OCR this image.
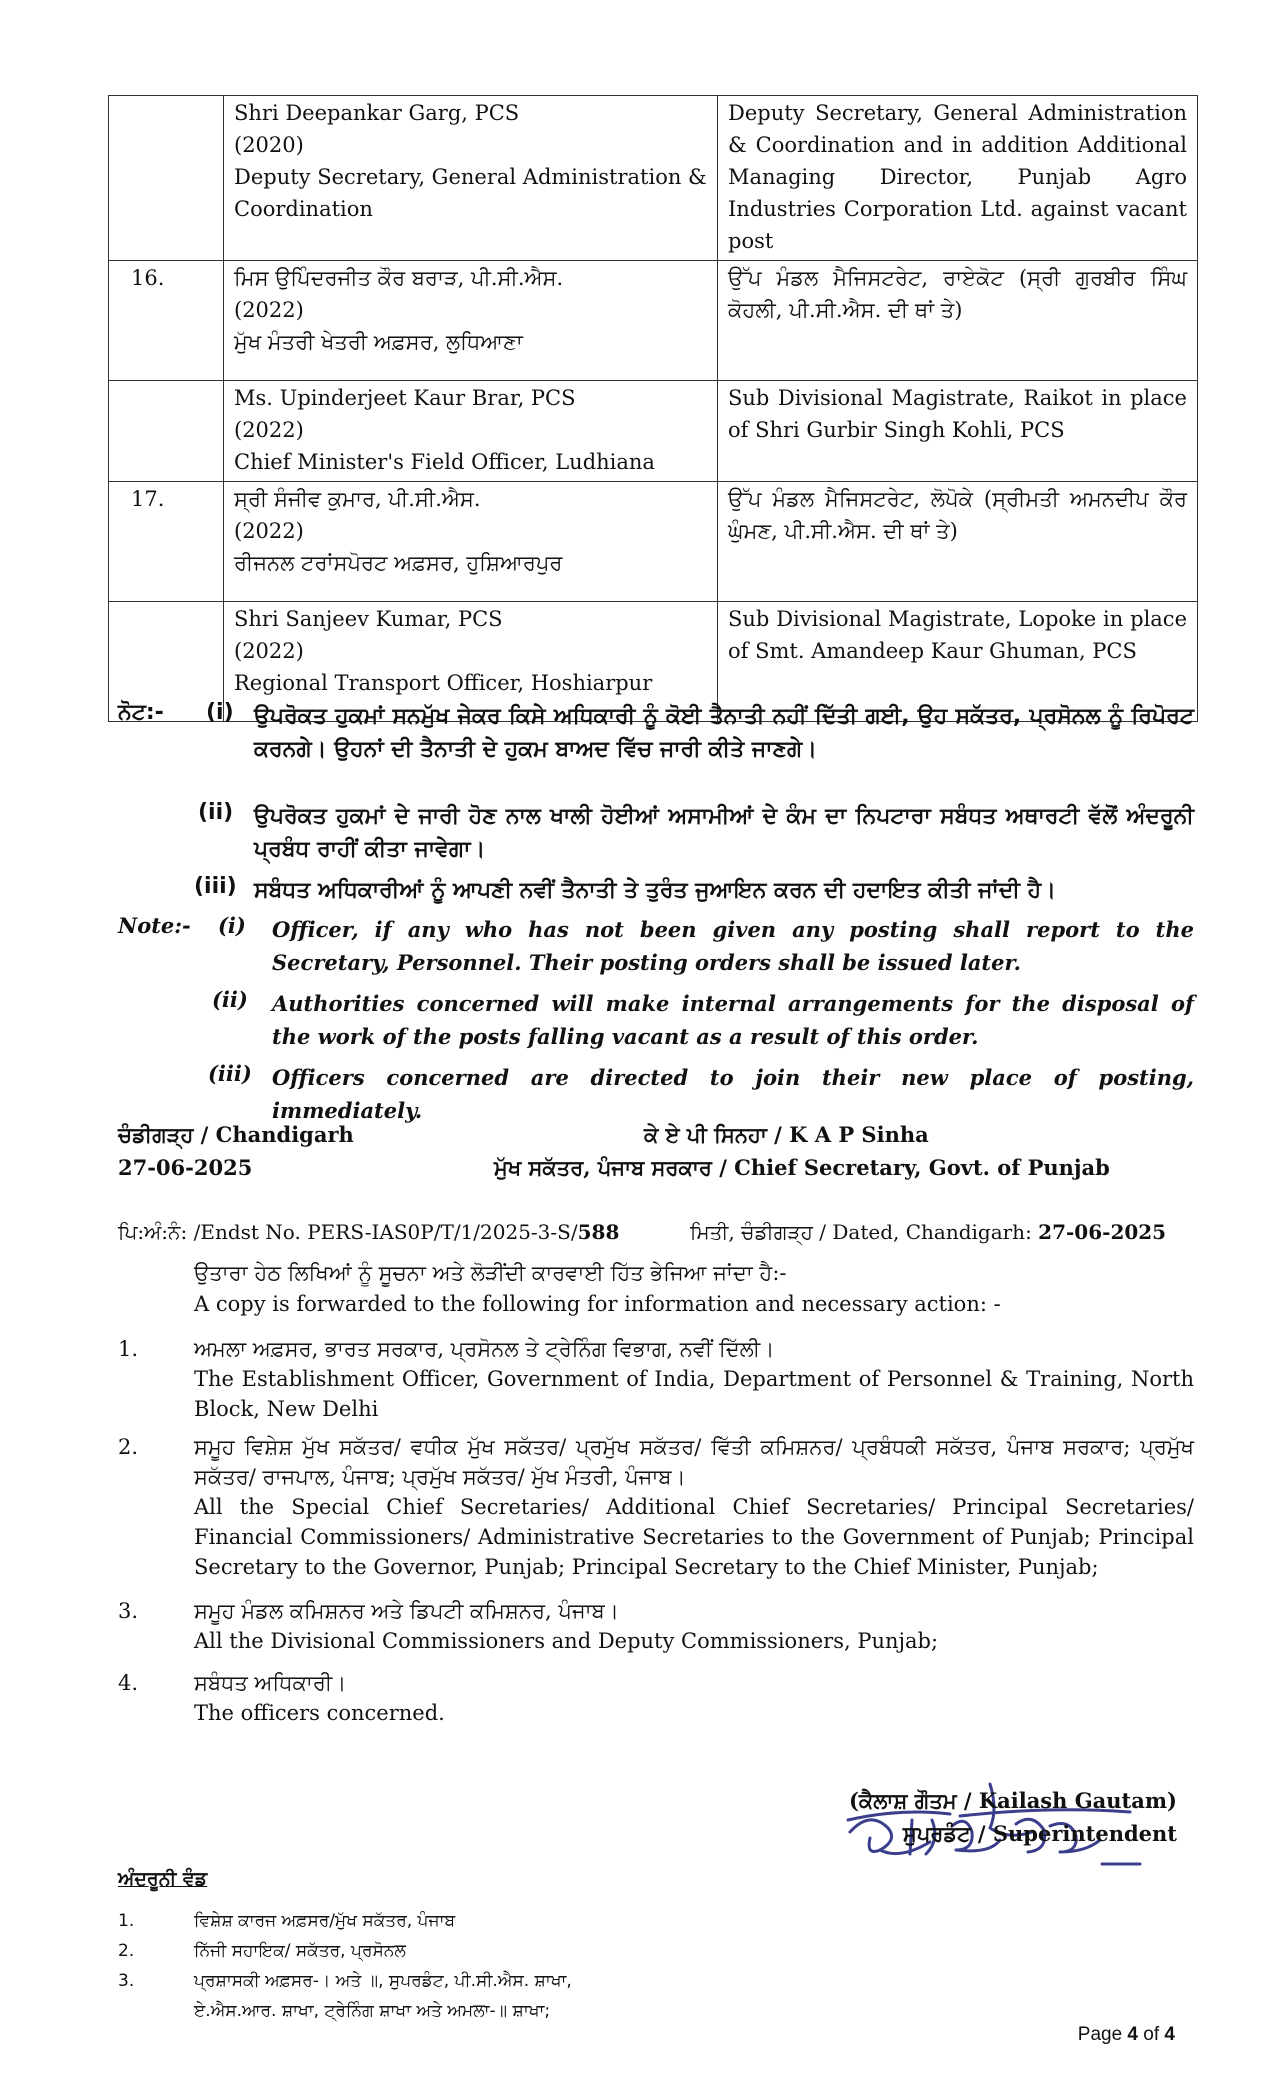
	Shri Deepankar Garg, PCS
(2020)
Deputy Secretary, General Administration & Coordination	Deputy Secretary, General Administration & Coordination and in addition Additional Managing Director, Punjab Agro Industries Corporation Ltd. against vacant post
16.	ਮਿਸ ਉਪਿੰਦਰਜੀਤ ਕੌਰ ਬਰਾੜ, ਪੀ.ਸੀ.ਐਸ.
(2022)
ਮੁੱਖ ਮੰਤਰੀ ਖੇਤਰੀ ਅਫ਼ਸਰ, ਲੁਧਿਆਣਾ	ਉੱਪ ਮੰਡਲ ਮੈਜਿਸਟਰੇਟ, ਰਾਏਕੋਟ (ਸ੍ਰੀ ਗੁਰਬੀਰ ਸਿੰਘ ਕੋਹਲੀ, ਪੀ.ਸੀ.ਐਸ. ਦੀ ਥਾਂ ਤੇ)

	Ms. Upinderjeet Kaur Brar, PCS
(2022)
Chief Minister's Field Officer, Ludhiana	Sub Divisional Magistrate, Raikot in place of Shri Gurbir Singh Kohli, PCS
17.	ਸ੍ਰੀ ਸੰਜੀਵ ਕੁਮਾਰ, ਪੀ.ਸੀ.ਐਸ.
(2022)
ਰੀਜਨਲ ਟਰਾਂਸਪੋਰਟ ਅਫ਼ਸਰ, ਹੁਸ਼ਿਆਰਪੁਰ	ਉੱਪ ਮੰਡਲ ਮੈਜਿਸਟਰੇਟ, ਲੋਪੋਕੇ (ਸ੍ਰੀਮਤੀ ਅਮਨਦੀਪ ਕੌਰ ਘੁੰਮਣ, ਪੀ.ਸੀ.ਐਸ. ਦੀ ਥਾਂ ਤੇ)

	Shri Sanjeev Kumar, PCS
(2022)
Regional Transport Officer, Hoshiarpur	Sub Divisional Magistrate, Lopoke in place of Smt. Amandeep Kaur Ghuman, PCS
ਨੋਟ:- (i) ਉਪਰੋਕਤ ਹੁਕਮਾਂ ਸਨਮੁੱਖ ਜੇਕਰ ਕਿਸੇ ਅਧਿਕਾਰੀ ਨੂੰ ਕੋਈ ਤੈਨਾਤੀ ਨਹੀਂ ਦਿੱਤੀ ਗਈ, ਉਹ ਸਕੱਤਰ, ਪ੍ਰਸੋਨਲ ਨੂੰ ਰਿਪੋਰਟ ਕਰਨਗੇ। ਉਹਨਾਂ ਦੀ ਤੈਨਾਤੀ ਦੇ ਹੁਕਮ ਬਾਅਦ ਵਿੱਚ ਜਾਰੀ ਕੀਤੇ ਜਾਣਗੇ।
(ii) ਉਪਰੋਕਤ ਹੁਕਮਾਂ ਦੇ ਜਾਰੀ ਹੋਣ ਨਾਲ ਖਾਲੀ ਹੋਈਆਂ ਅਸਾਮੀਆਂ ਦੇ ਕੰਮ ਦਾ ਨਿਪਟਾਰਾ ਸਬੰਧਤ ਅਥਾਰਟੀ ਵੱਲੋਂ ਅੰਦਰੂਨੀ ਪ੍ਰਬੰਧ ਰਾਹੀਂ ਕੀਤਾ ਜਾਵੇਗਾ।
(iii) ਸਬੰਧਤ ਅਧਿਕਾਰੀਆਂ ਨੂੰ ਆਪਣੀ ਨਵੀਂ ਤੈਨਾਤੀ ਤੇ ਤੁਰੰਤ ਜੁਆਇਨ ਕਰਨ ਦੀ ਹਦਾਇਤ ਕੀਤੀ ਜਾਂਦੀ ਹੈ।
Note:- (i) Officer, if any who has not been given any posting shall report to the Secretary, Personnel. Their posting orders shall be issued later.
(ii) Authorities concerned will make internal arrangements for the disposal of the work of the posts falling vacant as a result of this order.
(iii) Officers concerned are directed to join their new place of posting, immediately.
ਚੰਡੀਗੜ੍ਹ / Chandigarh
27-06-2025
ਕੇ ਏ ਪੀ ਸਿਨਹਾ / K A P Sinha
ਮੁੱਖ ਸਕੱਤਰ, ਪੰਜਾਬ ਸਰਕਾਰ / Chief Secretary, Govt. of Punjab
ਪਿ:ਅੰ:ਨੰ: /Endst No. PERS-IAS0P/T/1/2025-3-S/588	ਮਿਤੀ, ਚੰਡੀਗੜ੍ਹ / Dated, Chandigarh: 27-06-2025
ਉਤਾਰਾ ਹੇਠ ਲਿਖਿਆਂ ਨੂੰ ਸੂਚਨਾ ਅਤੇ ਲੋੜੀਂਦੀ ਕਾਰਵਾਈ ਹਿੱਤ ਭੇਜਿਆ ਜਾਂਦਾ ਹੈ:-
A copy is forwarded to the following for information and necessary action: -
1.	ਅਮਲਾ ਅਫ਼ਸਰ, ਭਾਰਤ ਸਰਕਾਰ, ਪ੍ਰਸੋਨਲ ਤੇ ਟ੍ਰੇਨਿੰਗ ਵਿਭਾਗ, ਨਵੀਂ ਦਿੱਲੀ।
The Establishment Officer, Government of India, Department of Personnel & Training, North Block, New Delhi
2.	ਸਮੂਹ ਵਿਸ਼ੇਸ਼ ਮੁੱਖ ਸਕੱਤਰ/ ਵਧੀਕ ਮੁੱਖ ਸਕੱਤਰ/ ਪ੍ਰਮੁੱਖ ਸਕੱਤਰ/ ਵਿੱਤੀ ਕਮਿਸ਼ਨਰ/ ਪ੍ਰਬੰਧਕੀ ਸਕੱਤਰ, ਪੰਜਾਬ ਸਰਕਾਰ; ਪ੍ਰਮੁੱਖ ਸਕੱਤਰ/ ਰਾਜਪਾਲ, ਪੰਜਾਬ; ਪ੍ਰਮੁੱਖ ਸਕੱਤਰ/ ਮੁੱਖ ਮੰਤਰੀ, ਪੰਜਾਬ।
All the Special Chief Secretaries/ Additional Chief Secretaries/ Principal Secretaries/ Financial Commissioners/ Administrative Secretaries to the Government of Punjab; Principal Secretary to the Governor, Punjab; Principal Secretary to the Chief Minister, Punjab;
3.	ਸਮੂਹ ਮੰਡਲ ਕਮਿਸ਼ਨਰ ਅਤੇ ਡਿਪਟੀ ਕਮਿਸ਼ਨਰ, ਪੰਜਾਬ।
All the Divisional Commissioners and Deputy Commissioners, Punjab;
4.	ਸਬੰਧਤ ਅਧਿਕਾਰੀ।
The officers concerned.
(ਕੈਲਾਸ਼ ਗੌਤਮ / Kailash Gautam)
ਸੁਪਰਡੰਟ / Superintendent
ਅੰਦਰੂਨੀ ਵੰਡ
1.	ਵਿਸ਼ੇਸ਼ ਕਾਰਜ ਅਫ਼ਸਰ/ਮੁੱਖ ਸਕੱਤਰ, ਪੰਜਾਬ
2.	ਨਿੱਜੀ ਸਹਾਇਕ/ ਸਕੱਤਰ, ਪ੍ਰਸੋਨਲ
3.	ਪ੍ਰਸ਼ਾਸਕੀ ਅਫ਼ਸਰ-। ਅਤੇ ॥, ਸੁਪਰਡੰਟ, ਪੀ.ਸੀ.ਐਸ. ਸ਼ਾਖਾ,
ਏ.ਐਸ.ਆਰ. ਸ਼ਾਖਾ, ਟ੍ਰੇਨਿੰਗ ਸ਼ਾਖਾ ਅਤੇ ਅਮਲਾ-॥ ਸ਼ਾਖਾ;
Page 4 of 4
